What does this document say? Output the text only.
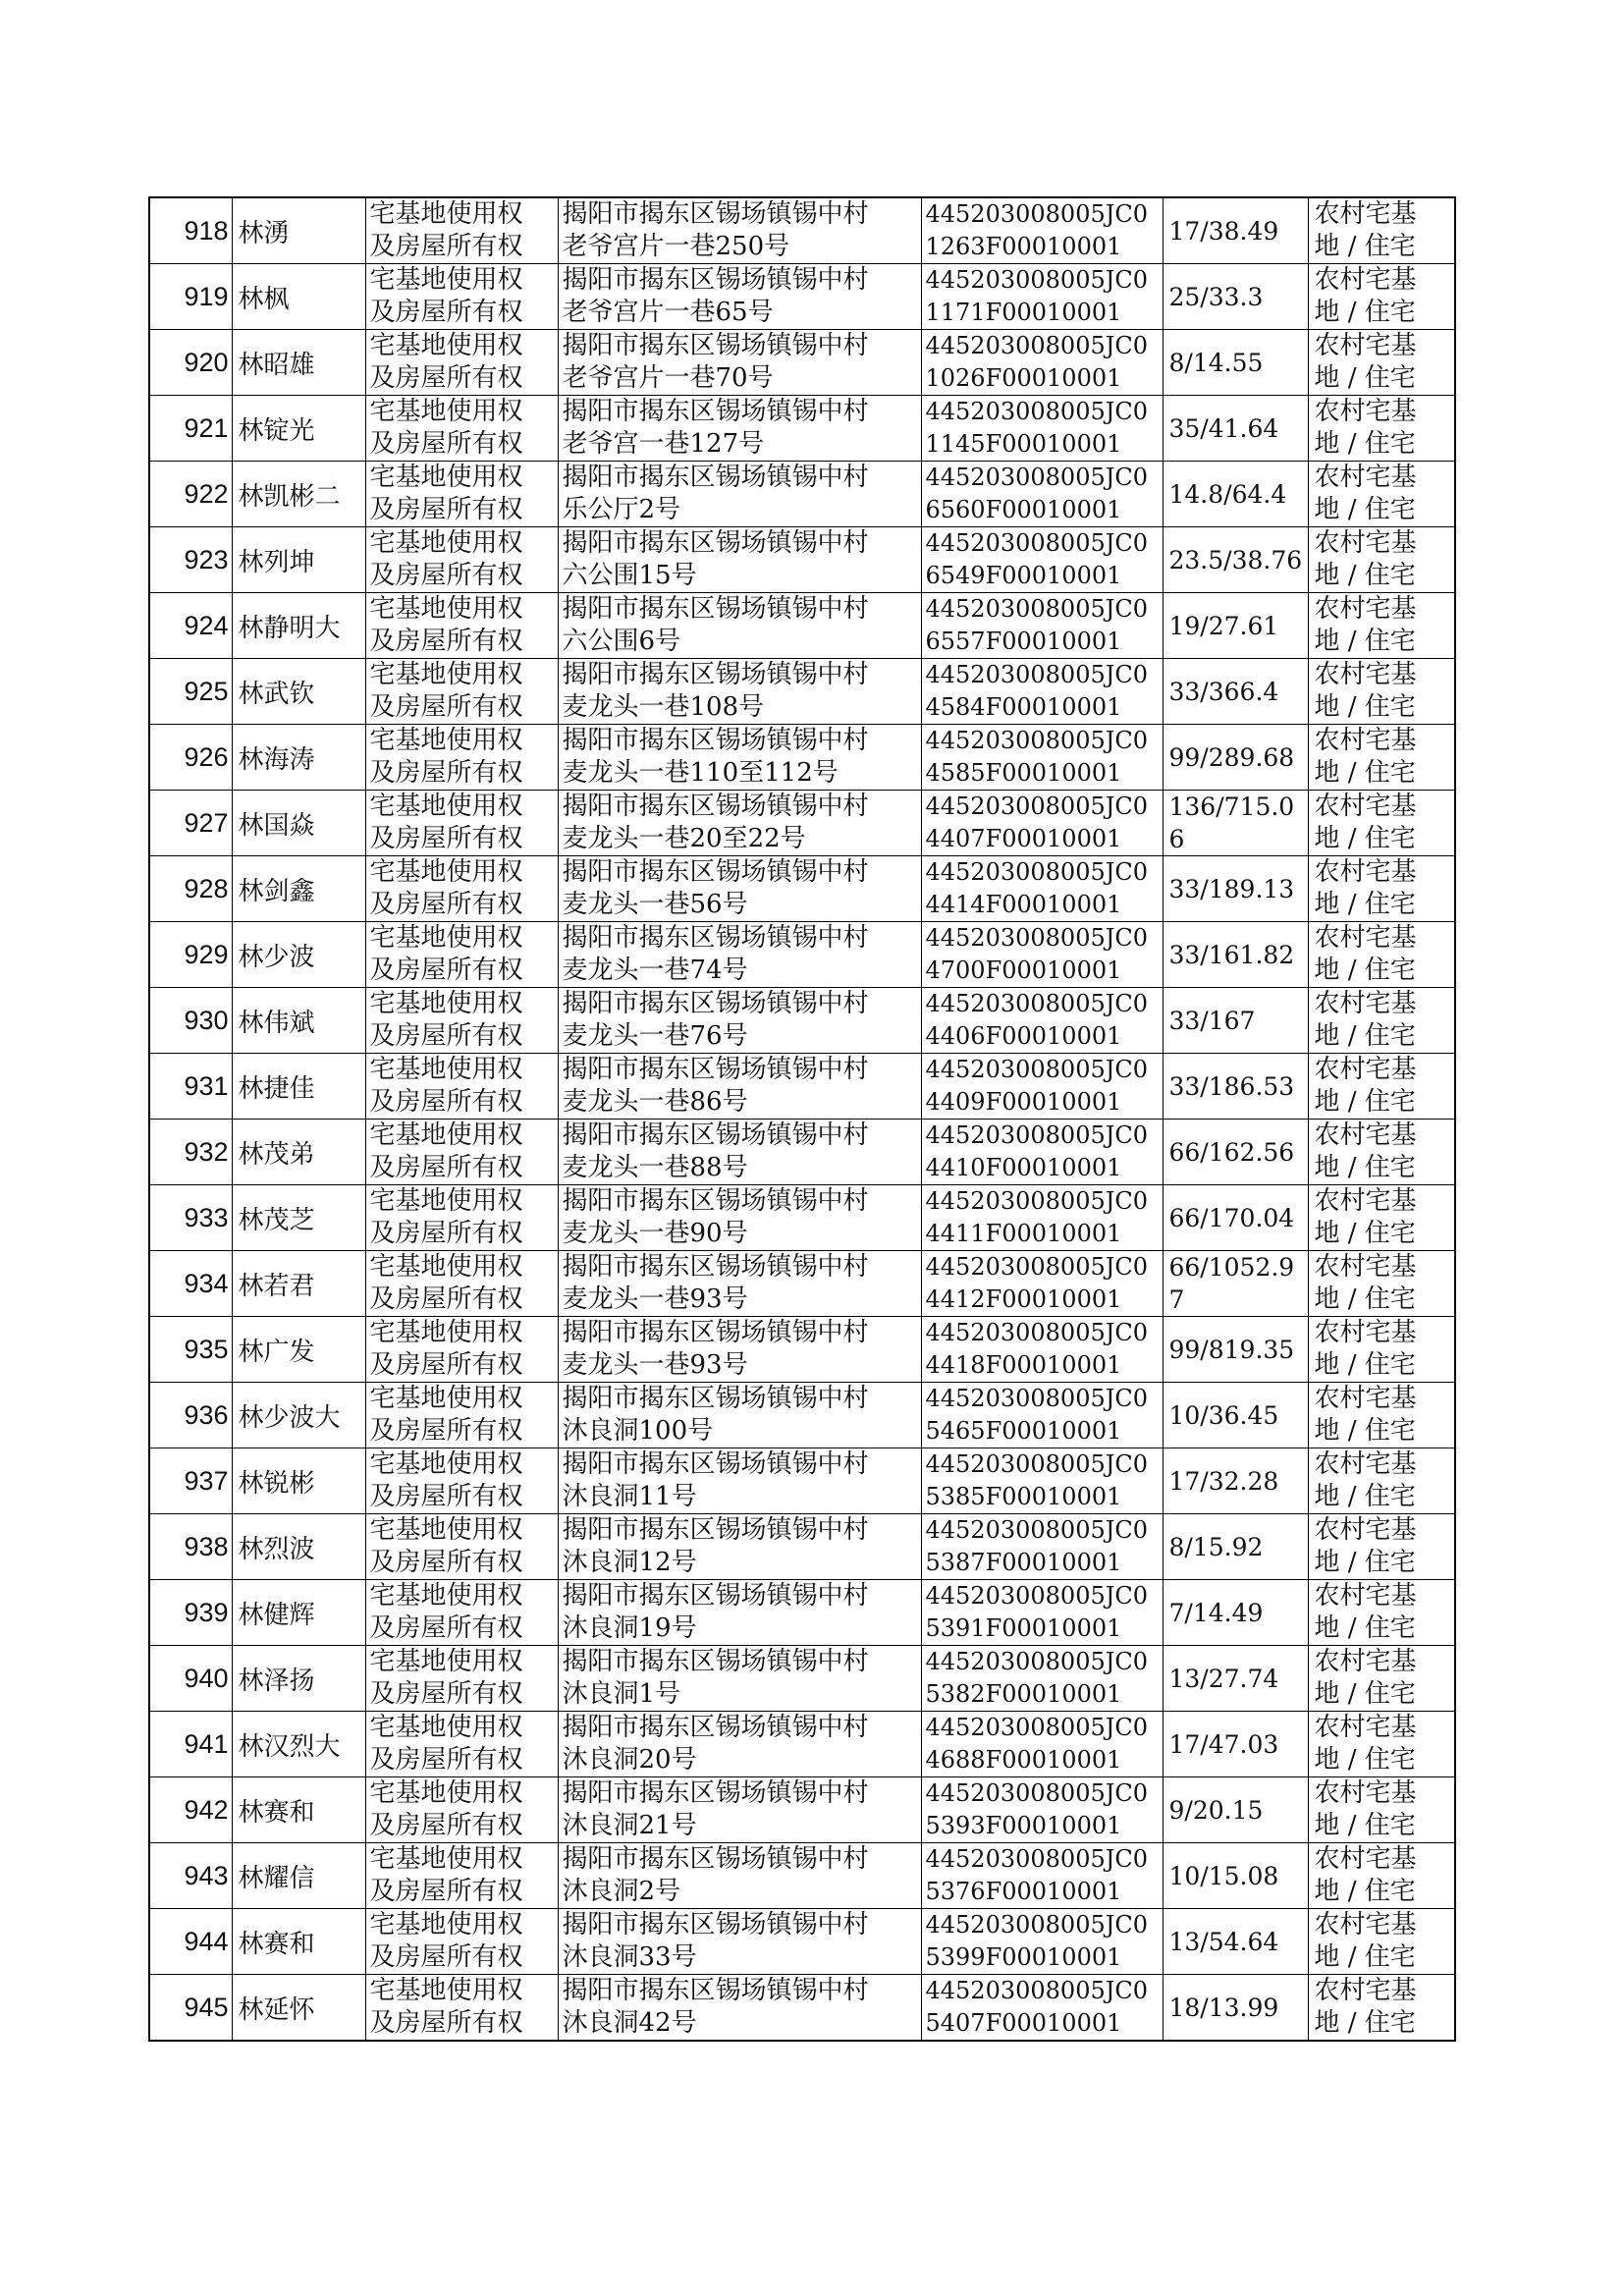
918	林湧	宅基地使用权
及房屋所有权	揭阳市揭东区锡场镇锡中村
老爷宫片一巷250号	445203008005JC01263F00010001	17/38.49	农村宅基
地 / 住宅

919	林枫	宅基地使用权
及房屋所有权	揭阳市揭东区锡场镇锡中村
老爷宫片一巷65号	445203008005JC01171F00010001	25/33.3	农村宅基
地 / 住宅

920	林昭雄	宅基地使用权
及房屋所有权	揭阳市揭东区锡场镇锡中村
老爷宫片一巷70号	445203008005JC01026F00010001	8/14.55	农村宅基
地 / 住宅

921	林锭光	宅基地使用权
及房屋所有权	揭阳市揭东区锡场镇锡中村
老爷宫一巷127号	445203008005JC01145F00010001	35/41.64	农村宅基
地 / 住宅

922	林凯彬二	宅基地使用权
及房屋所有权	揭阳市揭东区锡场镇锡中村
乐公厅2号	445203008005JC06560F00010001	14.8/64.4	农村宅基
地 / 住宅

923	林列坤	宅基地使用权
及房屋所有权	揭阳市揭东区锡场镇锡中村
六公围15号	445203008005JC06549F00010001	23.5/38.76	农村宅基
地 / 住宅

924	林静明大	宅基地使用权
及房屋所有权	揭阳市揭东区锡场镇锡中村
六公围6号	445203008005JC06557F00010001	19/27.61	农村宅基
地 / 住宅

925	林武钦	宅基地使用权
及房屋所有权	揭阳市揭东区锡场镇锡中村
麦龙头一巷108号	445203008005JC04584F00010001	33/366.4	农村宅基
地 / 住宅

926	林海涛	宅基地使用权
及房屋所有权	揭阳市揭东区锡场镇锡中村
麦龙头一巷110至112号	445203008005JC04585F00010001	99/289.68	农村宅基
地 / 住宅

927	林国焱	宅基地使用权
及房屋所有权	揭阳市揭东区锡场镇锡中村
麦龙头一巷20至22号	445203008005JC04407F00010001	136/715.06	农村宅基
地 / 住宅

928	林剑鑫	宅基地使用权
及房屋所有权	揭阳市揭东区锡场镇锡中村
麦龙头一巷56号	445203008005JC04414F00010001	33/189.13	农村宅基
地 / 住宅

929	林少波	宅基地使用权
及房屋所有权	揭阳市揭东区锡场镇锡中村
麦龙头一巷74号	445203008005JC04700F00010001	33/161.82	农村宅基
地 / 住宅

930	林伟斌	宅基地使用权
及房屋所有权	揭阳市揭东区锡场镇锡中村
麦龙头一巷76号	445203008005JC04406F00010001	33/167	农村宅基
地 / 住宅

931	林捷佳	宅基地使用权
及房屋所有权	揭阳市揭东区锡场镇锡中村
麦龙头一巷86号	445203008005JC04409F00010001	33/186.53	农村宅基
地 / 住宅

932	林茂弟	宅基地使用权
及房屋所有权	揭阳市揭东区锡场镇锡中村
麦龙头一巷88号	445203008005JC04410F00010001	66/162.56	农村宅基
地 / 住宅

933	林茂芝	宅基地使用权
及房屋所有权	揭阳市揭东区锡场镇锡中村
麦龙头一巷90号	445203008005JC04411F00010001	66/170.04	农村宅基
地 / 住宅

934	林若君	宅基地使用权
及房屋所有权	揭阳市揭东区锡场镇锡中村
麦龙头一巷93号	445203008005JC04412F00010001	66/1052.97	农村宅基
地 / 住宅

935	林广发	宅基地使用权
及房屋所有权	揭阳市揭东区锡场镇锡中村
麦龙头一巷93号	445203008005JC04418F00010001	99/819.35	农村宅基
地 / 住宅

936	林少波大	宅基地使用权
及房屋所有权	揭阳市揭东区锡场镇锡中村
沐良洞100号	445203008005JC05465F00010001	10/36.45	农村宅基
地 / 住宅

937	林锐彬	宅基地使用权
及房屋所有权	揭阳市揭东区锡场镇锡中村
沐良洞11号	445203008005JC05385F00010001	17/32.28	农村宅基
地 / 住宅

938	林烈波	宅基地使用权
及房屋所有权	揭阳市揭东区锡场镇锡中村
沐良洞12号	445203008005JC05387F00010001	8/15.92	农村宅基
地 / 住宅

939	林健辉	宅基地使用权
及房屋所有权	揭阳市揭东区锡场镇锡中村
沐良洞19号	445203008005JC05391F00010001	7/14.49	农村宅基
地 / 住宅

940	林泽扬	宅基地使用权
及房屋所有权	揭阳市揭东区锡场镇锡中村
沐良洞1号	445203008005JC05382F00010001	13/27.74	农村宅基
地 / 住宅

941	林汉烈大	宅基地使用权
及房屋所有权	揭阳市揭东区锡场镇锡中村
沐良洞20号	445203008005JC04688F00010001	17/47.03	农村宅基
地 / 住宅

942	林赛和	宅基地使用权
及房屋所有权	揭阳市揭东区锡场镇锡中村
沐良洞21号	445203008005JC05393F00010001	9/20.15	农村宅基
地 / 住宅

943	林耀信	宅基地使用权
及房屋所有权	揭阳市揭东区锡场镇锡中村
沐良洞2号	445203008005JC05376F00010001	10/15.08	农村宅基
地 / 住宅

944	林赛和	宅基地使用权
及房屋所有权	揭阳市揭东区锡场镇锡中村
沐良洞33号	445203008005JC05399F00010001	13/54.64	农村宅基
地 / 住宅

945	林延怀	宅基地使用权
及房屋所有权	揭阳市揭东区锡场镇锡中村
沐良洞42号	445203008005JC05407F00010001	18/13.99	农村宅基
地 / 住宅
